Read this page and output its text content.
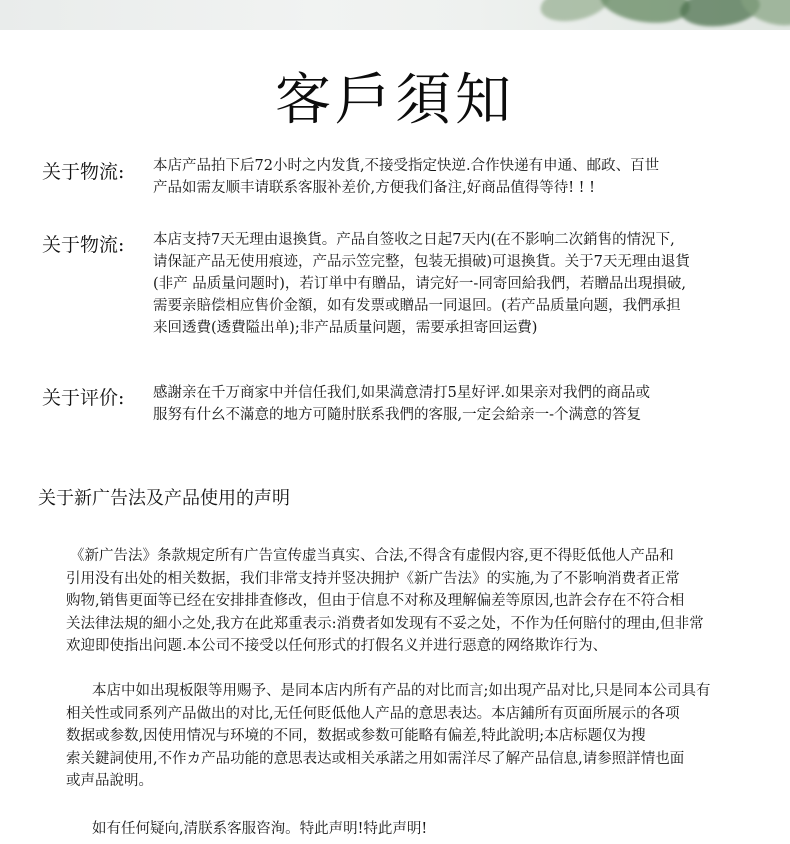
客戶須知
关于物流: 本店产品拍下后72小时之内发貨,不接受指定快逆.合作快递有申通、邮政、百世
产品如需友顺丰请联系客服补差价,方便我们备注,好商品值得等待! ! !
关于物流: 本店支持7天无理由退換貨。产品自签收之日起7天内(在不影响二次銷售的情況下,
请保証产品无使用痕迹，产品示笠完整，包装无損破)可退換貨。关于7天无理由退貨
(非产 品质量问题时)，若订単中有贈品，请完好一-同寄回給我們，若贈品出現損破,
需要亲賠偿相应售价金額，如有发票或贈品一同退回。(若产品质量向题，我們承担
来回透費(透費隘出单);非产品质量问题，需要承担寄回运費)
关于评价: 感謝亲在千万商家中并信任我们,如果満意清打5星好评.如果亲对我們的商品或
服努有什幺不滿意的地方可隨肘朕系我們的客服,一定会給亲一-个满意的答复
关于新广告法及产品使用的声明
《新广告法》条款規定所有广告宣传虚当真实、合法,不得含有虚假内容,更不得貶低他人产品和
引用没有出处的相关数据，我们非常支持并竖决拥护《新广告法》的实施,为了不影响消费者正常
购物,销售更面等已经在安排排査修改，但由于信息不对称及理解偏差等原因,也許会存在不符合相
关法律法規的細小之处,我方在此郑重表示:消费者如发现有不妥之处，不作为任何賠付的理由,但非常
欢迎即使指出问题.本公司不接受以任何形式的打假名义并进行惡意的网络欺诈行为、
本店中如出現板限等用赐予、是同本店内所有产品的对比而言;如出現产品对比,只是同本公司具有
相关性或同系列产品做出的对比,无任何貶低他人产品的意思表达。本店鋪所有页面所展示的各项
数据或参数,因使用情况与环境的不同，数据或参数可能略有偏差,特此說明;本店标题仅为搜
索关鍵詞使用,不作カ产品功能的意思表达或相关承諾之用如需洋尽了解产品信息,请参照詳情也面
或声品說明。
如有任何疑向,清朕系客服咨洵。特此声明!特此声明!
